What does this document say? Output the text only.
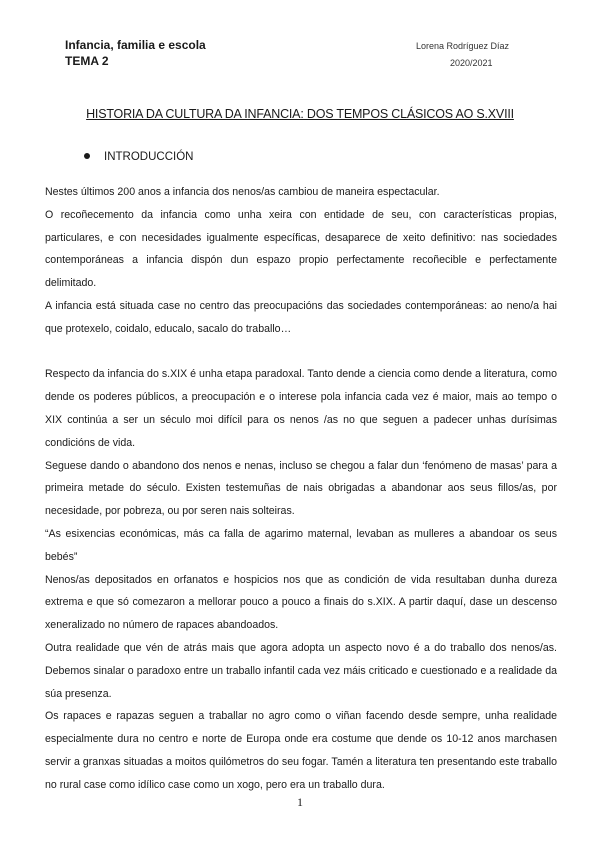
Infancia, familia e escola
TEMA 2
Lorena Rodríguez Díaz
2020/2021
HISTORIA DA CULTURA DA INFANCIA: DOS TEMPOS CLÁSICOS AO S.XVIII
INTRODUCCIÓN

Nestes últimos 200 anos a infancia dos nenos/as cambiou de maneira espectacular.

O recoñecemento da infancia como unha xeira con entidade de seu, con características propias, particulares, e con necesidades igualmente específicas, desaparece de xeito definitivo: nas sociedades contemporáneas a infancia dispón dun espazo propio perfectamente recoñecible e perfectamente delimitado.

A infancia está situada case no centro das preocupacións das sociedades contemporáneas: ao neno/a hai que protexelo, coidalo, educalo, sacalo do traballo…

Respecto da infancia do s.XIX é unha etapa paradoxal. Tanto dende a ciencia como dende a literatura, como dende os poderes públicos, a preocupación e o interese pola infancia cada vez é maior, mais ao tempo o XIX continúa a ser un século moi difícil para os nenos /as no que seguen a padecer unhas durísimas condicións de vida.

Seguese dando o abandono dos nenos e nenas, incluso se chegou a falar dun ‘fenómeno de masas’ para a primeira metade do século. Existen testemuñas de nais obrigadas a abandonar aos seus fillos/as, por necesidade, por pobreza, ou por seren nais solteiras.

“As esixencias económicas, más ca falla de agarimo maternal, levaban as mulleres a abandoar os seus bebés”

Nenos/as depositados en orfanatos e hospicios nos que as condición de vida resultaban dunha dureza extrema e que só comezaron a mellorar pouco a pouco a finais do s.XIX. A partir daquí, dase un descenso xeneralizado no número de rapaces abandoados.

Outra realidade que vén de atrás mais que agora adopta un aspecto novo é a do traballo dos nenos/as. Debemos sinalar o paradoxo entre un traballo infantil cada vez máis criticado e cuestionado e a realidade da súa presenza.

Os rapaces e rapazas seguen a traballar no agro como o viñan facendo desde sempre, unha realidade especialmente dura no centro e norte de Europa onde era costume que dende os 10-12 anos marchasen servir a granxas situadas a moitos quilómetros do seu fogar. Tamén a literatura ten presentando este traballo no rural case como idílico case como un xogo, pero era un traballo dura.

1
